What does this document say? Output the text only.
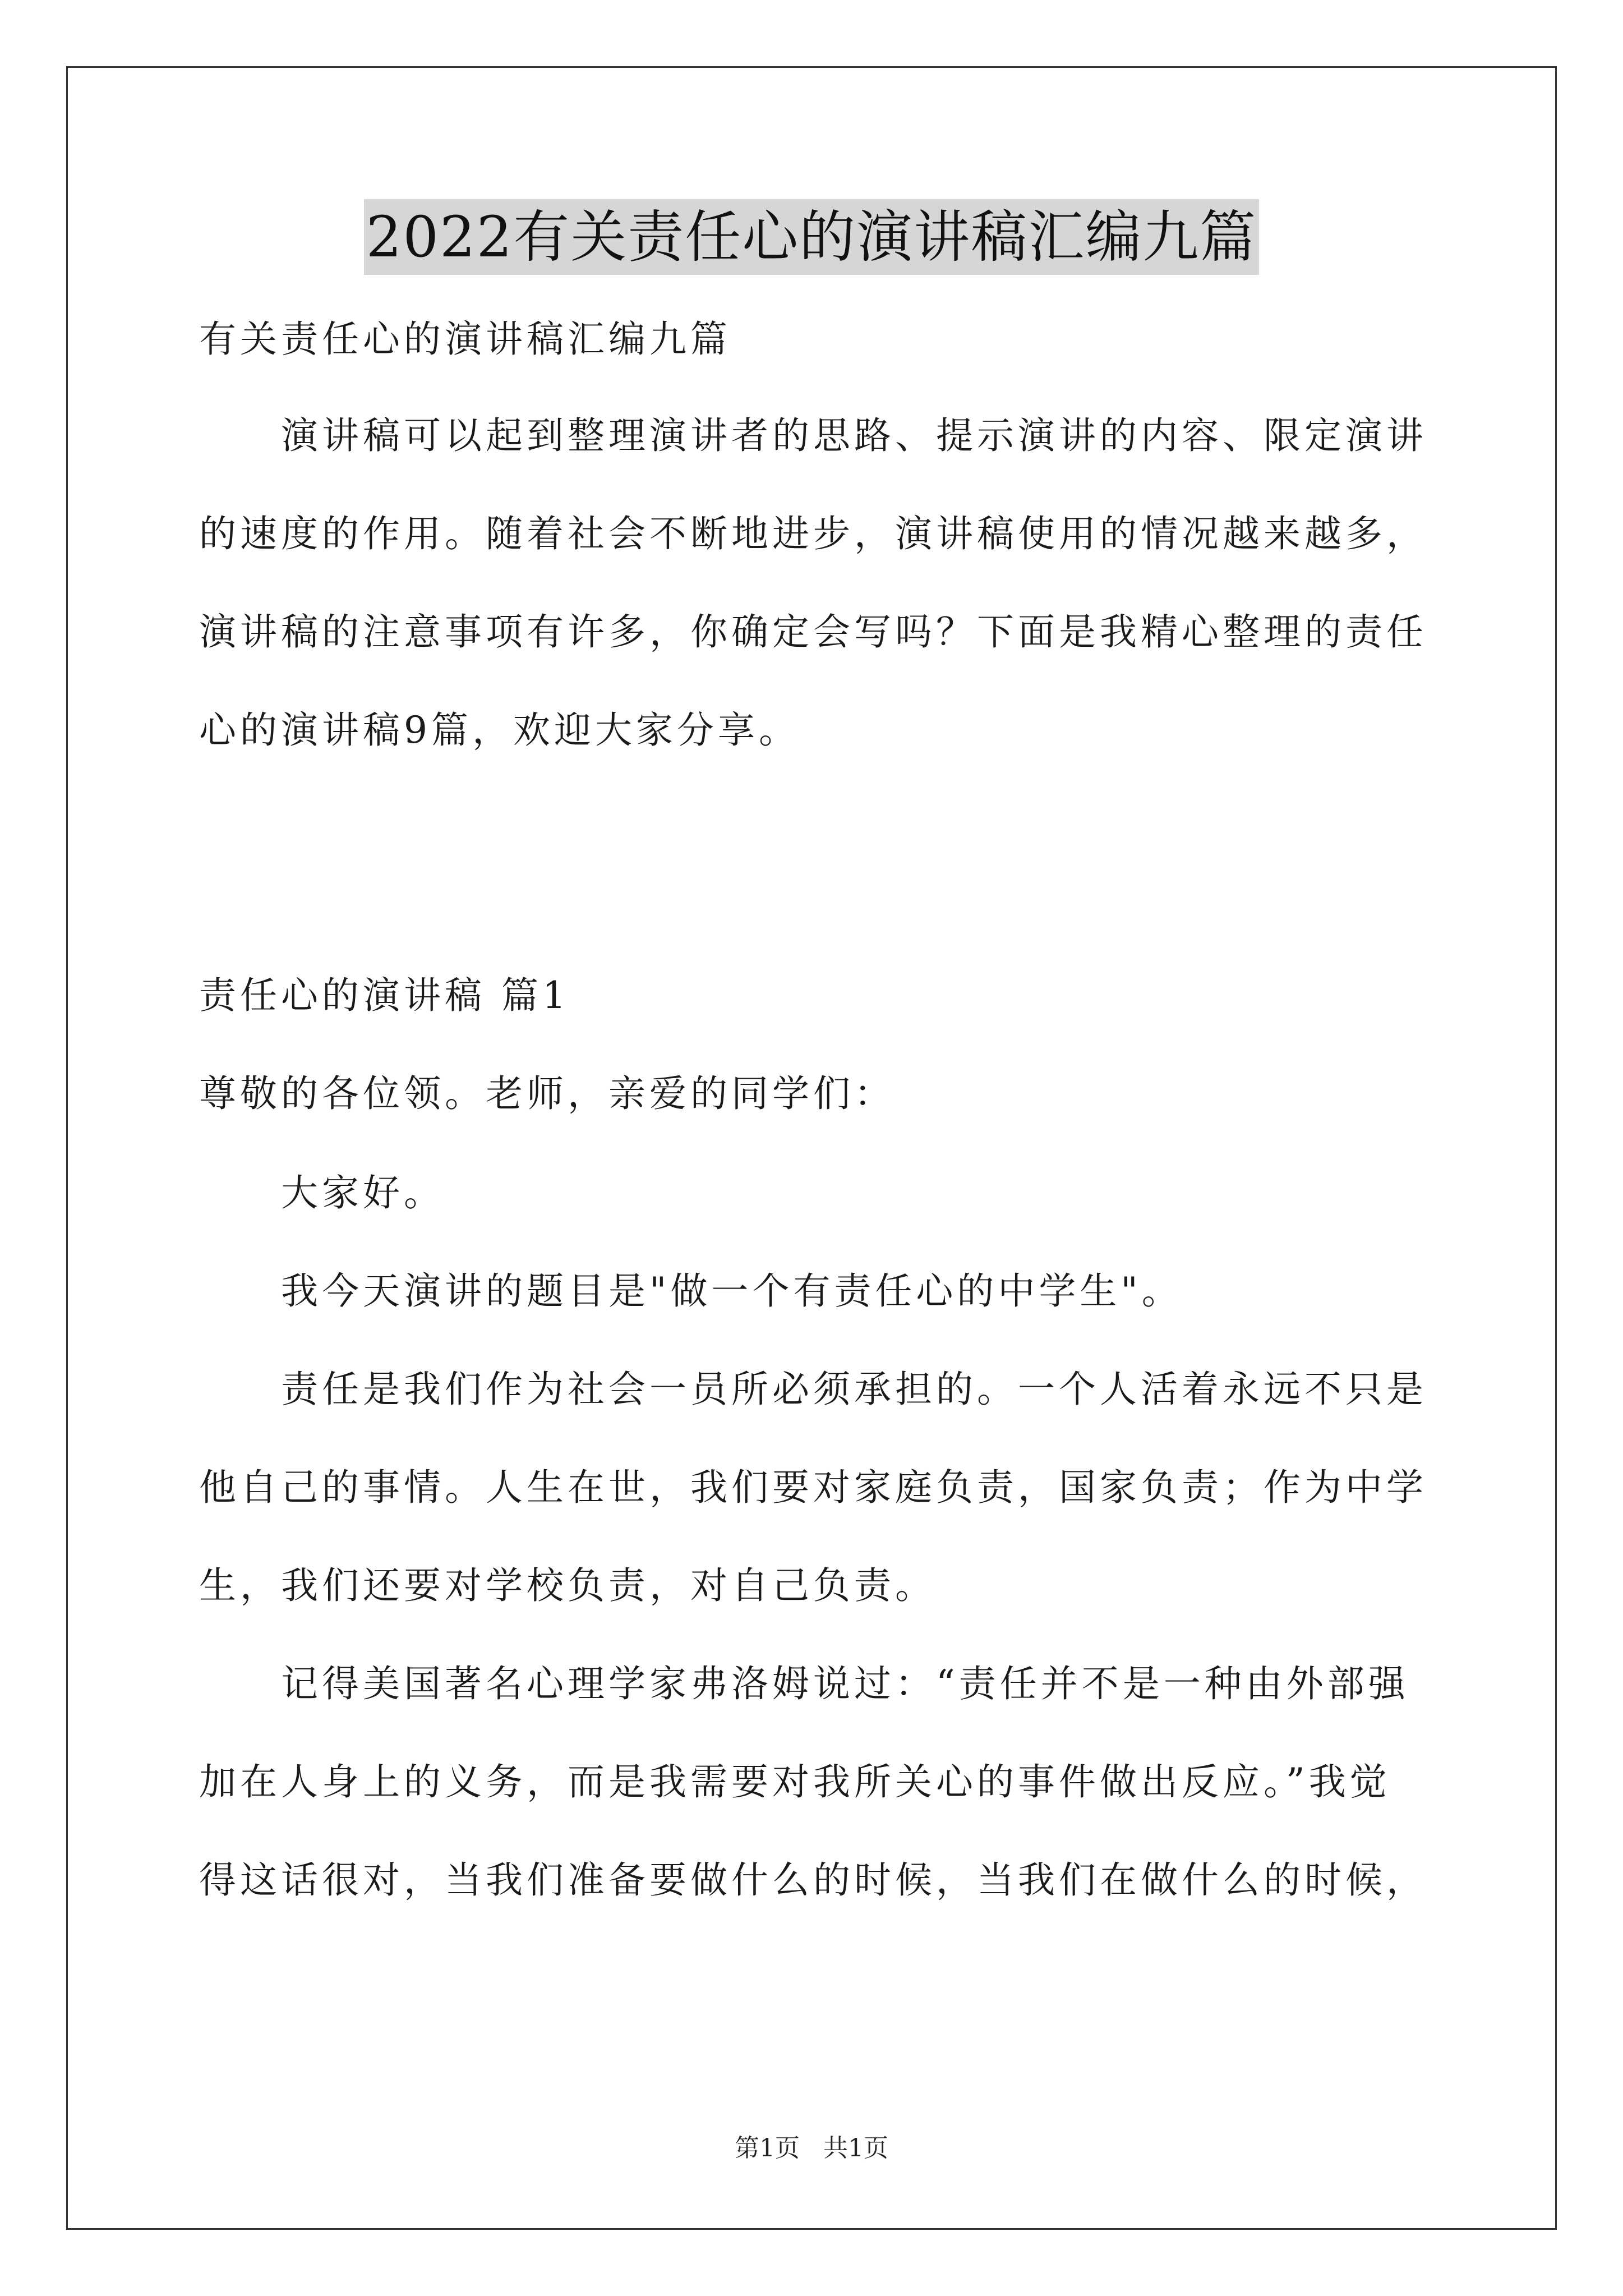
2022有关责任心的演讲稿汇编九篇
有关责任心的演讲稿汇编九篇
　　演讲稿可以起到整理演讲者的思路、提示演讲的内容、限定演讲
的速度的作用。随着社会不断地进步，演讲稿使用的情况越来越多，
演讲稿的注意事项有许多，你确定会写吗？下面是我精心整理的责任
心的演讲稿9篇，欢迎大家分享。
责任心的演讲稿 篇1
尊敬的各位领。老师，亲爱的同学们：
　　大家好。
　　我今天演讲的题目是"做一个有责任心的中学生"。
　　责任是我们作为社会一员所必须承担的。一个人活着永远不只是
他自己的事情。人生在世，我们要对家庭负责，国家负责；作为中学
生，我们还要对学校负责，对自己负责。
　　记得美国著名心理学家弗洛姆说过：“责任并不是一种由外部强
加在人身上的义务，而是我需要对我所关心的事件做出反应。”我觉
得这话很对，当我们准备要做什么的时候，当我们在做什么的时候，
第1页 共1页
